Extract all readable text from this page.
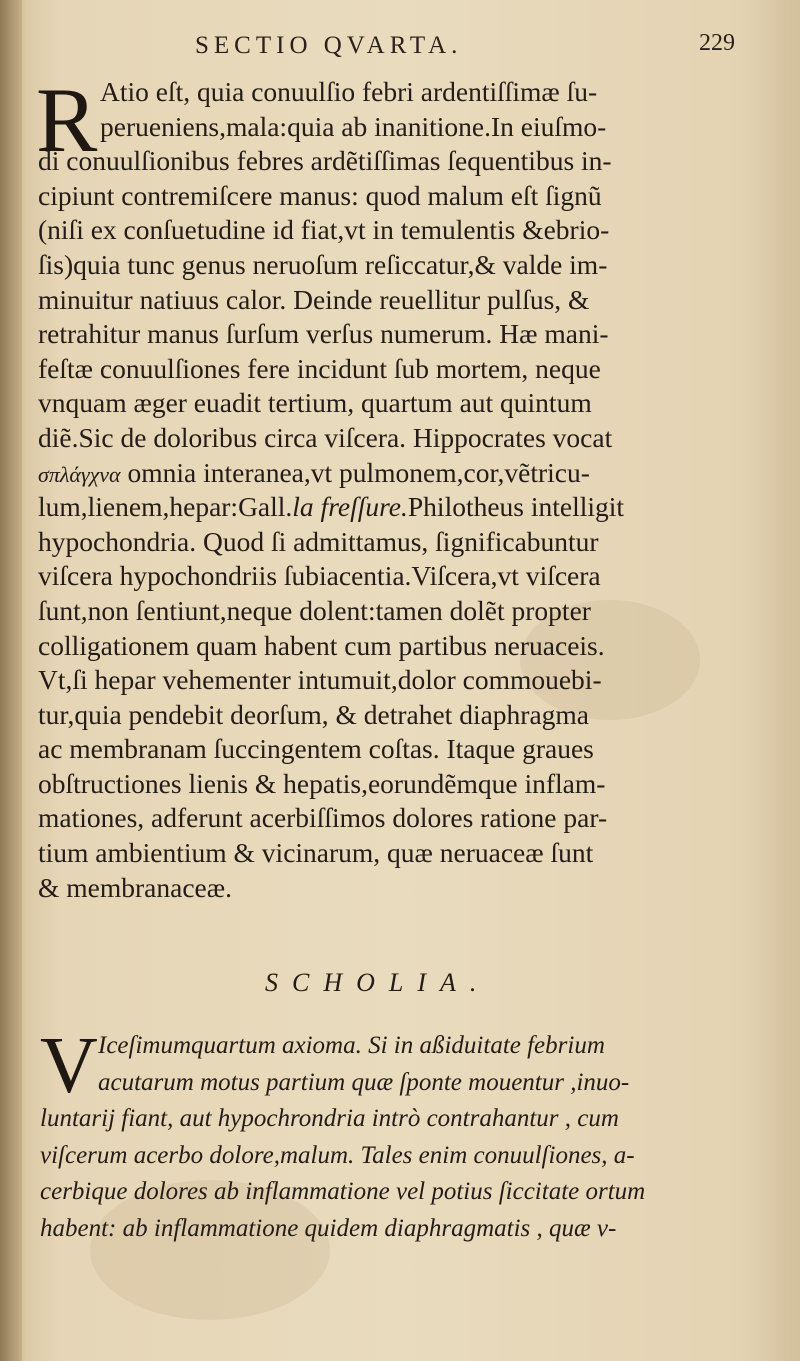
SECTIO QVARTA.	229
R Atio eſt, quia conuulſio febri ardentiſſimæ ſu-
perueniens,mala:quia ab inanitione.In eiuſmo-
di conuulſionibus febres ardẽtiſſimas ſequentibus in-
cipiunt contremiſcere manus: quod malum eſt ſignũ
(niſi ex conſuetudine id fiat,vt in temulentis &ebrio-
ſis)quia tunc genus neruoſum reſiccatur,& valde im-
minuitur natiuus calor. Deinde reuellitur pulſus, &
retrahitur manus ſurſum verſus numerum. Hæ mani-
feſtæ conuulſiones fere incidunt ſub mortem, neque
vnquam æger euadit tertium, quartum aut quintum
diẽ.Sic de doloribus circa viſcera. Hippocrates vocat
σπλάγχνα omnia interanea,vt pulmonem,cor,vẽtricu-
lum,lienem,hepar:Gall.la freſſure.Philotheus intelligit
hypochondria. Quod ſi admittamus, ſignificabuntur
viſcera hypochondriis ſubiacentia.Viſcera,vt viſcera
ſunt,non ſentiunt,neque dolent:tamen dolẽt propter
colligationem quam habent cum partibus neruaceis.
Vt,ſi hepar vehementer intumuit,dolor commouebi-
tur,quia pendebit deorſum, & detrahet diaphragma
ac membranam ſuccingentem coſtas. Itaque graues
obſtructiones lienis & hepatis,eorundẽmque inflam-
mationes, adferunt acerbiſſimos dolores ratione par-
tium ambientium & vicinarum, quæ neruaceæ ſunt
& membranaceæ.
SCHOLIA.
V Iceſimumquartum axioma. Si in aßiduitate febrium
acutarum motus partium quæ ſponte mouentur ,inuo-
luntarij fiant, aut hypochrondria intrò contrahantur , cum
viſcerum acerbo dolore,malum. Tales enim conuulſiones, a-
cerbique dolores ab inflammatione vel potius ſiccitate ortum
habent: ab inflammatione quidem diaphragmatis , quæ v-
